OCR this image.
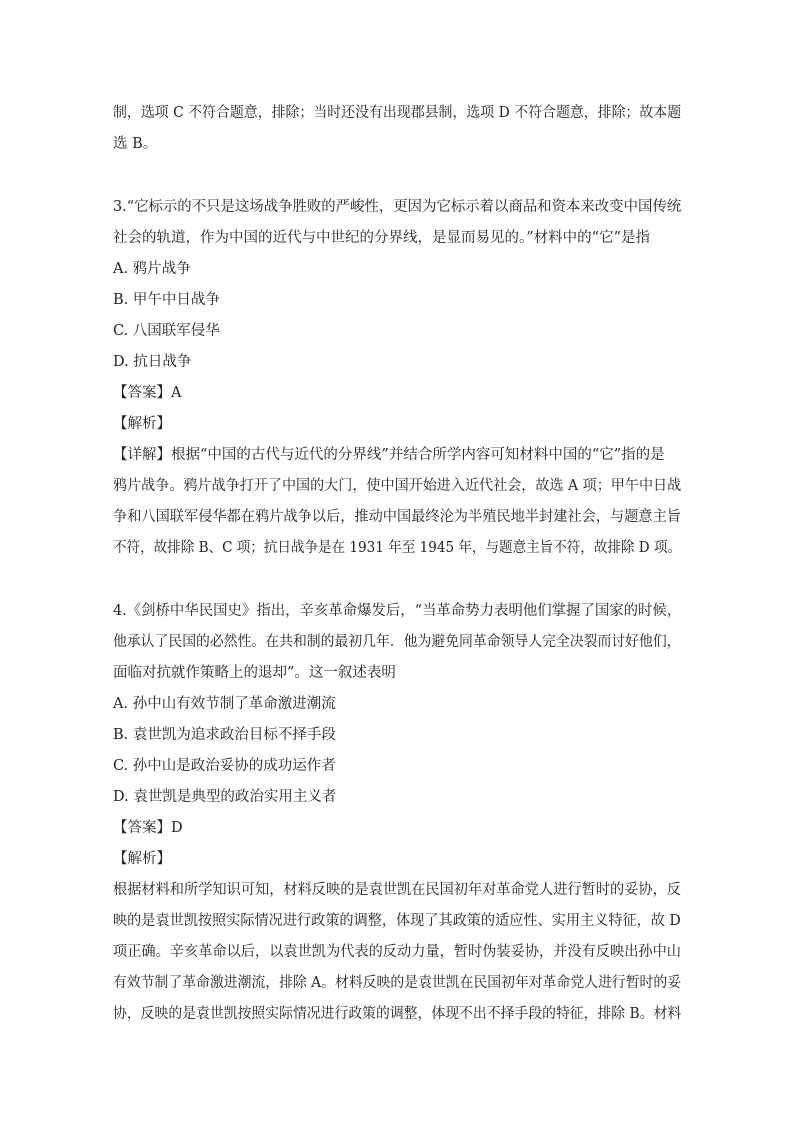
制，选项 C 不符合题意，排除；当时还没有出现郡县制，选项 D 不符合题意，排除；故本题
选 B。
3.“它标示的不只是这场战争胜败的严峻性，更因为它标示着以商品和资本来改变中国传统
社会的轨道，作为中国的近代与中世纪的分界线，是显而易见的。”材料中的“它”是指
A. 鸦片战争
B. 甲午中日战争
C. 八国联军侵华
D. 抗日战争
【答案】A
【解析】
【详解】根据“中国的古代与近代的分界线”并结合所学内容可知材料中国的“它”指的是
鸦片战争。鸦片战争打开了中国的大门，使中国开始进入近代社会，故选 A 项；甲午中日战
争和八国联军侵华都在鸦片战争以后，推动中国最终沦为半殖民地半封建社会，与题意主旨
不符，故排除 B、C 项；抗日战争是在 1931 年至 1945 年，与题意主旨不符，故排除 D 项。
4.《剑桥中华民国史》指出，辛亥革命爆发后，“当革命势力表明他们掌握了国家的时候，
他承认了民国的必然性。在共和制的最初几年．他为避免同革命领导人完全决裂而讨好他们，
面临对抗就作策略上的退却”。这一叙述表明
A. 孙中山有效节制了革命激进潮流
B. 袁世凯为追求政治目标不择手段
C. 孙中山是政治妥协的成功运作者
D. 袁世凯是典型的政治实用主义者
【答案】D
【解析】
根据材料和所学知识可知，材料反映的是袁世凯在民国初年对革命党人进行暂时的妥协，反
映的是袁世凯按照实际情况进行政策的调整，体现了其政策的适应性、实用主义特征，故 D
项正确。辛亥革命以后，以袁世凯为代表的反动力量，暂时伪装妥协，并没有反映出孙中山
有效节制了革命激进潮流，排除 A。材料反映的是袁世凯在民国初年对革命党人进行暂时的妥
协，反映的是袁世凯按照实际情况进行政策的调整，体现不出不择手段的特征，排除 B。材料
